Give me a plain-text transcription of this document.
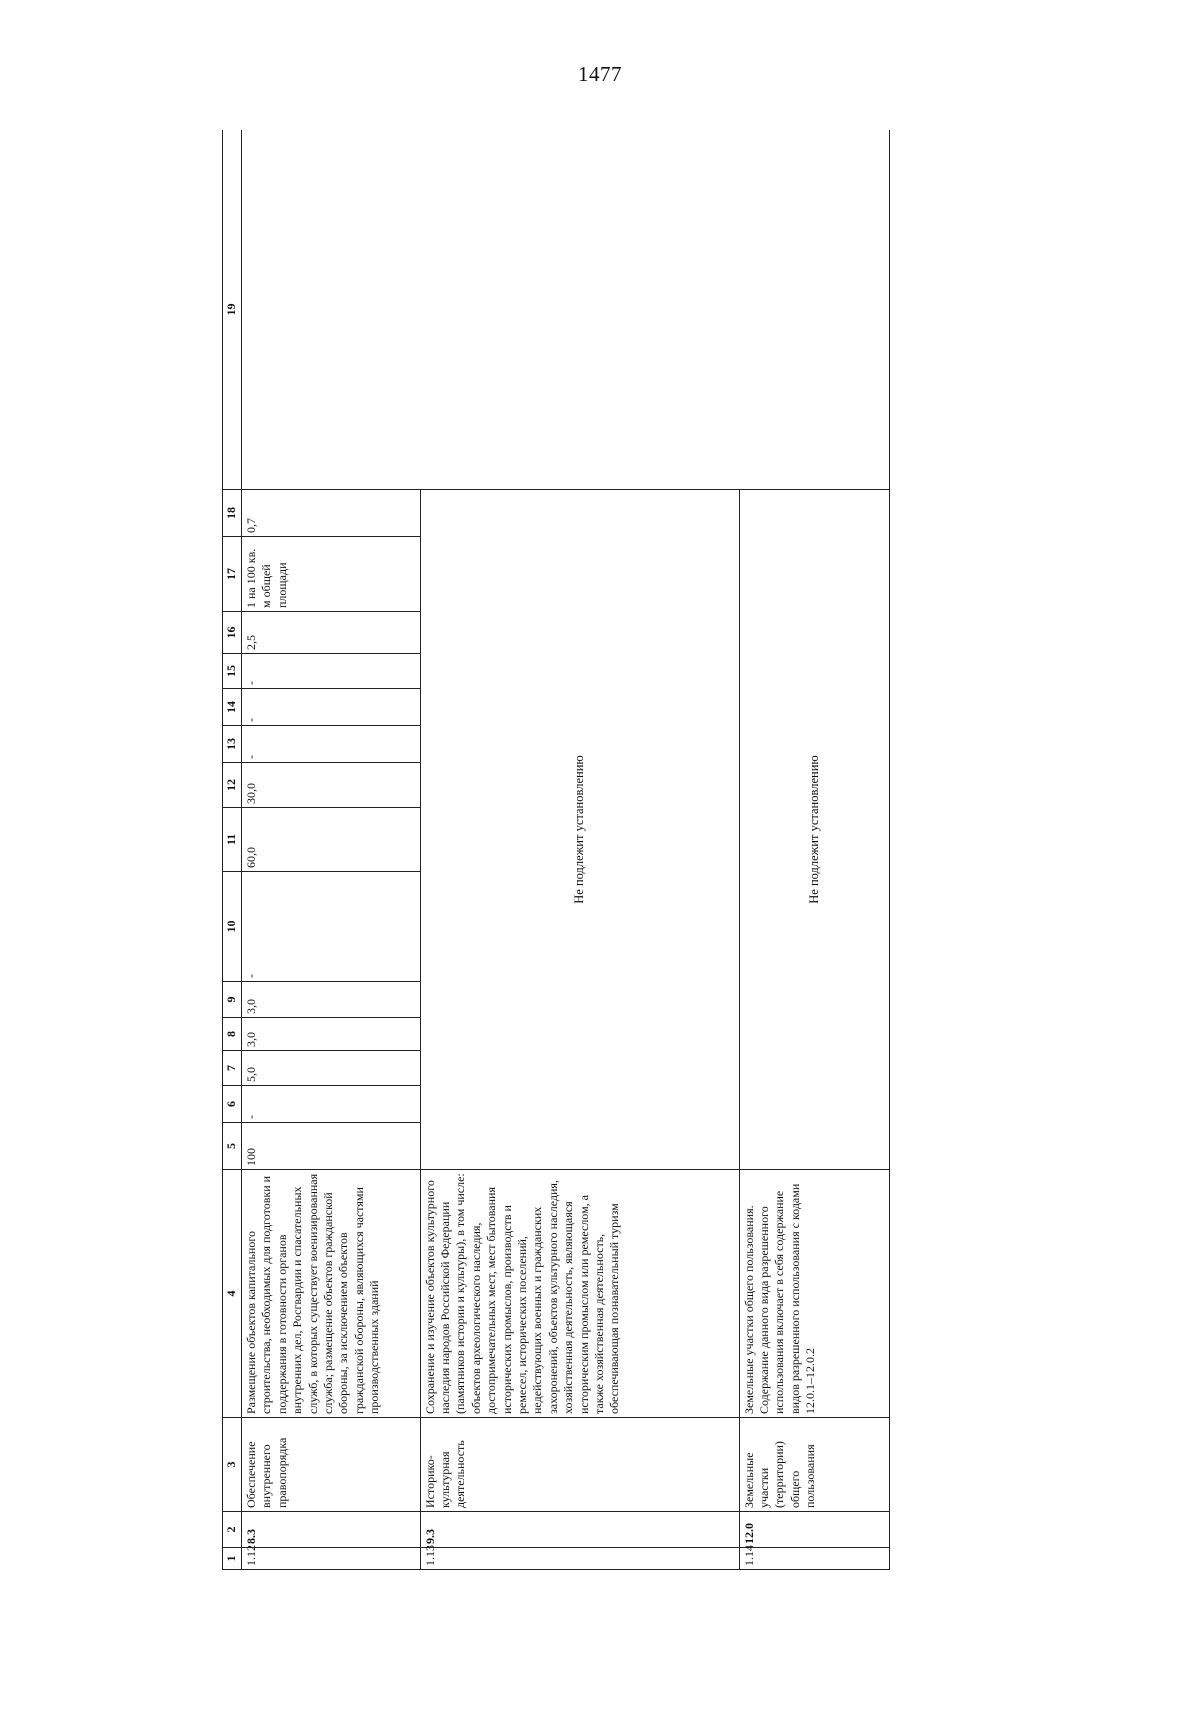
1477
1	2	3	4	5	6	7	8	9	10	11	12	13	14	15	16	17	18	19
1.12	8.3	Обеспечение внутреннего правопорядка	Размещение объектов капитального строительства, необходимых для подготовки и поддержания в готовности органов внутренних дел, Росгвардии и спасательных служб, в которых существует военизированная служба; размещение объектов гражданской обороны, за исключением объектов гражданской обороны, являющихся частями производственных зданий	100	-	5,0	3,0	3,0	-	60,0	30,0	-	-	-	2,5	1 на 100 кв. м общей площади	0,7	
1.13	9.3	Историко-культурная деятельность	Сохранение и изучение объектов культурного наследия народов Российской Федерации (памятников истории и культуры), в том числе: объектов археологического наследия, достопримечательных мест, мест бытования исторических промыслов, производств и ремесел, исторических поселений, недействующих военных и гражданских захоронений, объектов культурного наследия, хозяйственная деятельность, являющаяся историческим промыслом или ремеслом, а также хозяйственная деятельность, обеспечивающая познавательный туризм	Не подлежит установлению														
1.14	12.0	Земельные участки (территории) общего пользования	Земельные участки общего пользования. Содержание данного вида разрешенного использования включает в себя содержание видов разрешенного использования с кодами 12.0.1–12.0.2	Не подлежит установлению														
